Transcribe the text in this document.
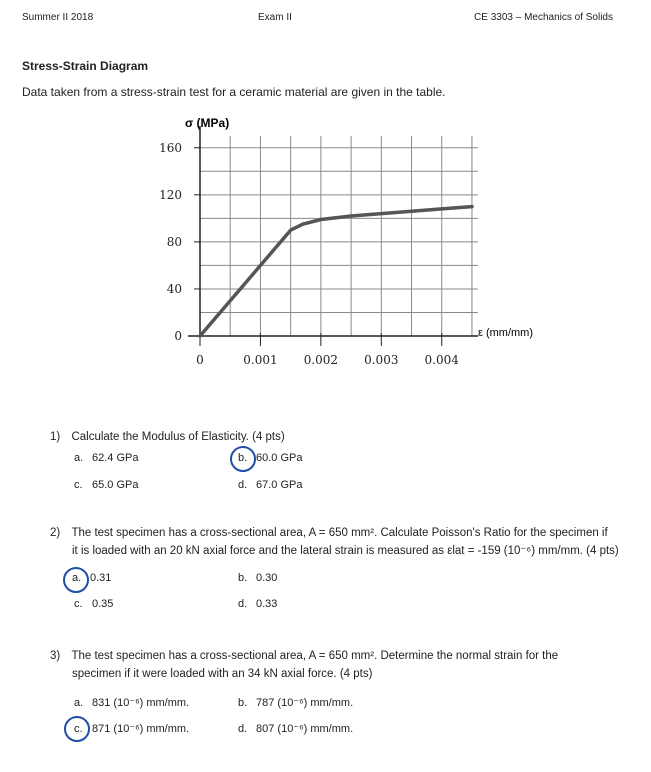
Summer II 2018	Exam II	CE 3303 – Mechanics of Solids
Stress-Strain Diagram
Data taken from a stress-strain test for a ceramic material are given in the table.
0	0.001 0.002 0.003 0.004
0
40
80
120
160
σ (MPa)
ε (mm/mm)
1) Calculate the Modulus of Elasticity. (4 pts)
a. 62.4 GPa	b. 60.0 GPa
c. 65.0 GPa	d. 67.0 GPa
2) The test specimen has a cross-sectional area, A = 650 mm². Calculate Poisson's Ratio for the specimen if
it is loaded with an 20 kN axial force and the lateral strain is measured as εlat = -159 (10⁻⁶) mm/mm. (4 pts)
a. 0.31	b. 0.30
c. 0.35	d. 0.33
3) The test specimen has a cross-sectional area, A = 650 mm². Determine the normal strain for the
specimen if it were loaded with an 34 kN axial force. (4 pts)
a. 831 (10⁻⁶) mm/mm.	b. 787 (10⁻⁶) mm/mm.
c. 871 (10⁻⁶) mm/mm.	d. 807 (10⁻⁶) mm/mm.
